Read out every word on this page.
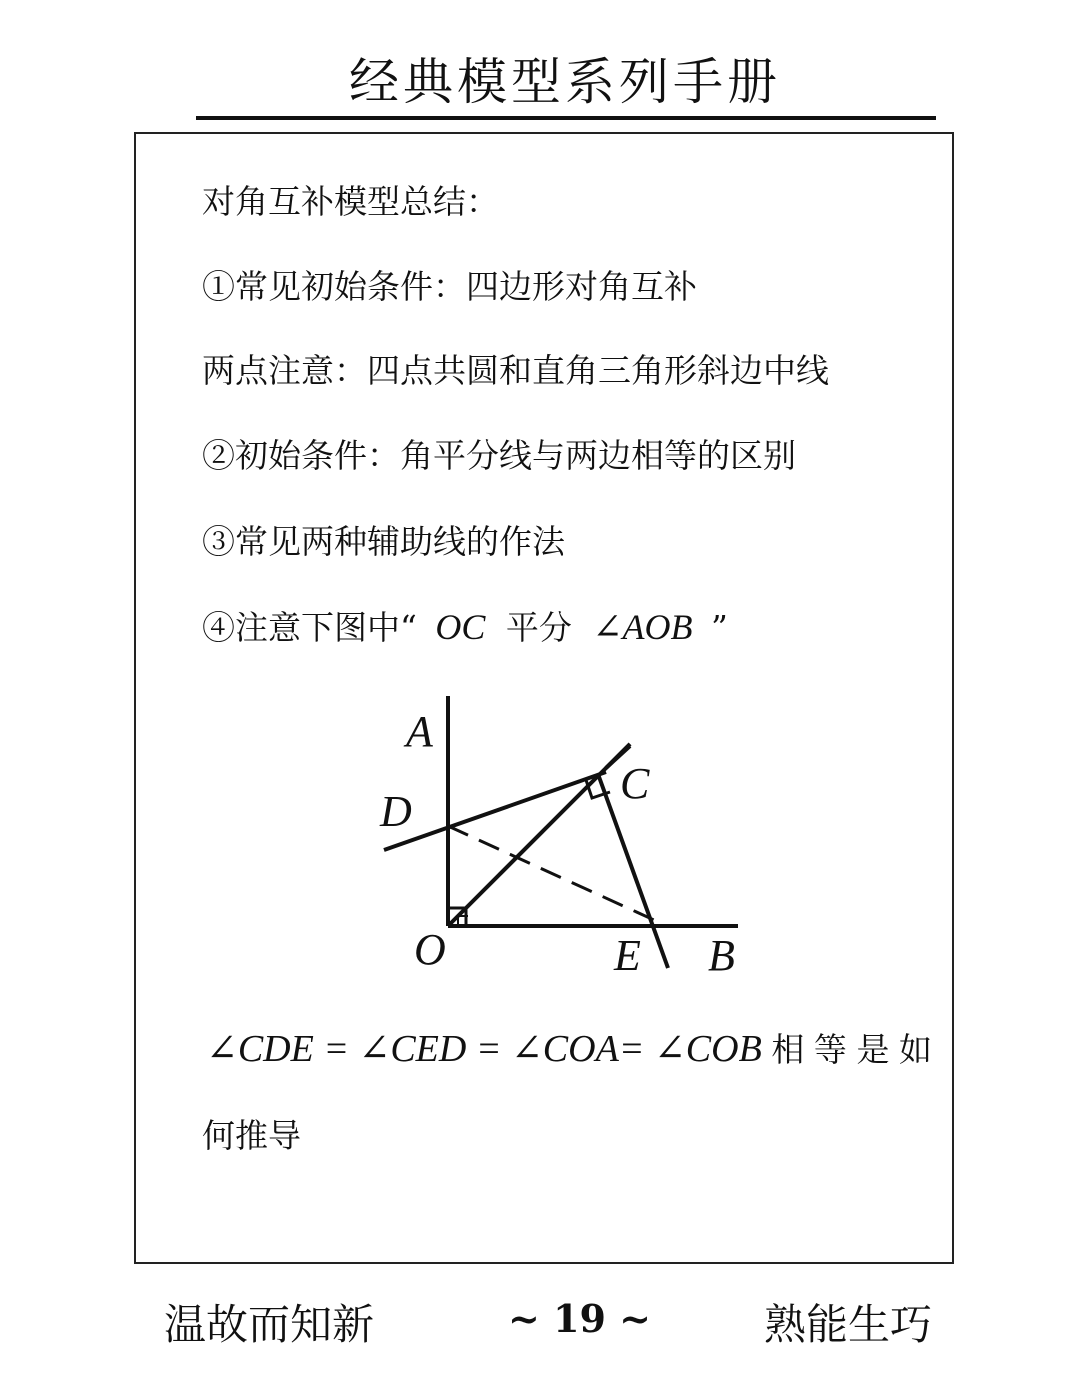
经典模型系列手册
对角互补模型总结：
①常见初始条件：四边形对角互补
两点注意：四点共圆和直角三角形斜边中线
②初始条件：角平分线与两边相等的区别
③常见两种辅助线的作法
④注意下图中“ OC 平分 ∠AOB ”
A
C
D
O	E B
∠CDE = ∠CED = ∠COA= ∠COB 相 等 是 如
何推导
温故而知新	~ 19 ~	熟能生巧
